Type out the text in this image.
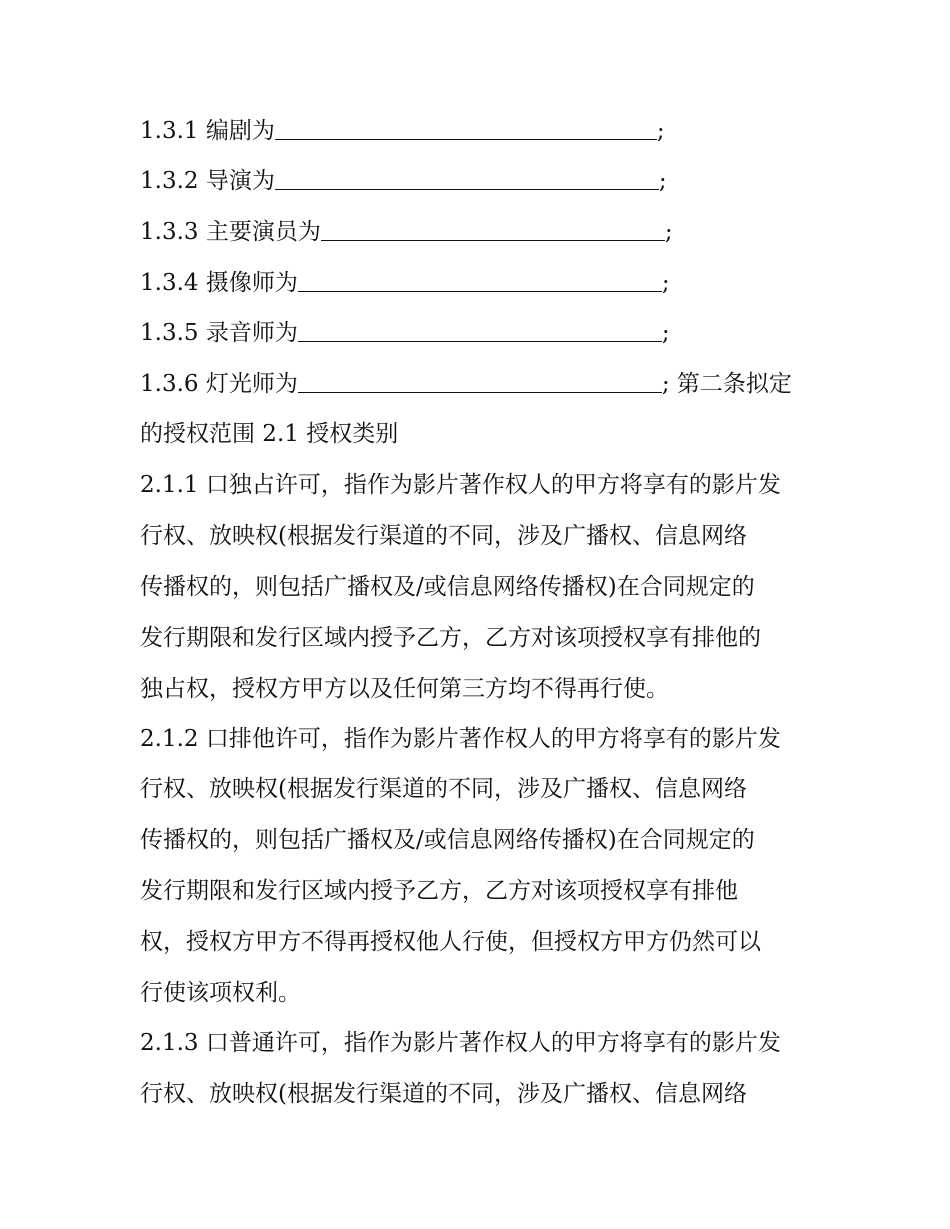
1.3.1 编剧为	;
1.3.2 导演为	;
1.3.3 主要演员为	;
1.3.4 摄像师为	;
1.3.5 录音师为	;
1.3.6 灯光师为	; 第二条拟定
的授权范围 2.1 授权类别
2.1.1 口独占许可，指作为影片著作权人的甲方将享有的影片发
行权、放映权(根据发行渠道的不同，涉及广播权、信息网络
传播权的，则包括广播权及/或信息网络传播权)在合同规定的
发行期限和发行区域内授予乙方，乙方对该项授权享有排他的
独占权，授权方甲方以及任何第三方均不得再行使。
2.1.2 口排他许可，指作为影片著作权人的甲方将享有的影片发
行权、放映权(根据发行渠道的不同，涉及广播权、信息网络
传播权的，则包括广播权及/或信息网络传播权)在合同规定的
发行期限和发行区域内授予乙方，乙方对该项授权享有排他
权，授权方甲方不得再授权他人行使，但授权方甲方仍然可以
行使该项权利。
2.1.3 口普通许可，指作为影片著作权人的甲方将享有的影片发
行权、放映权(根据发行渠道的不同，涉及广播权、信息网络
